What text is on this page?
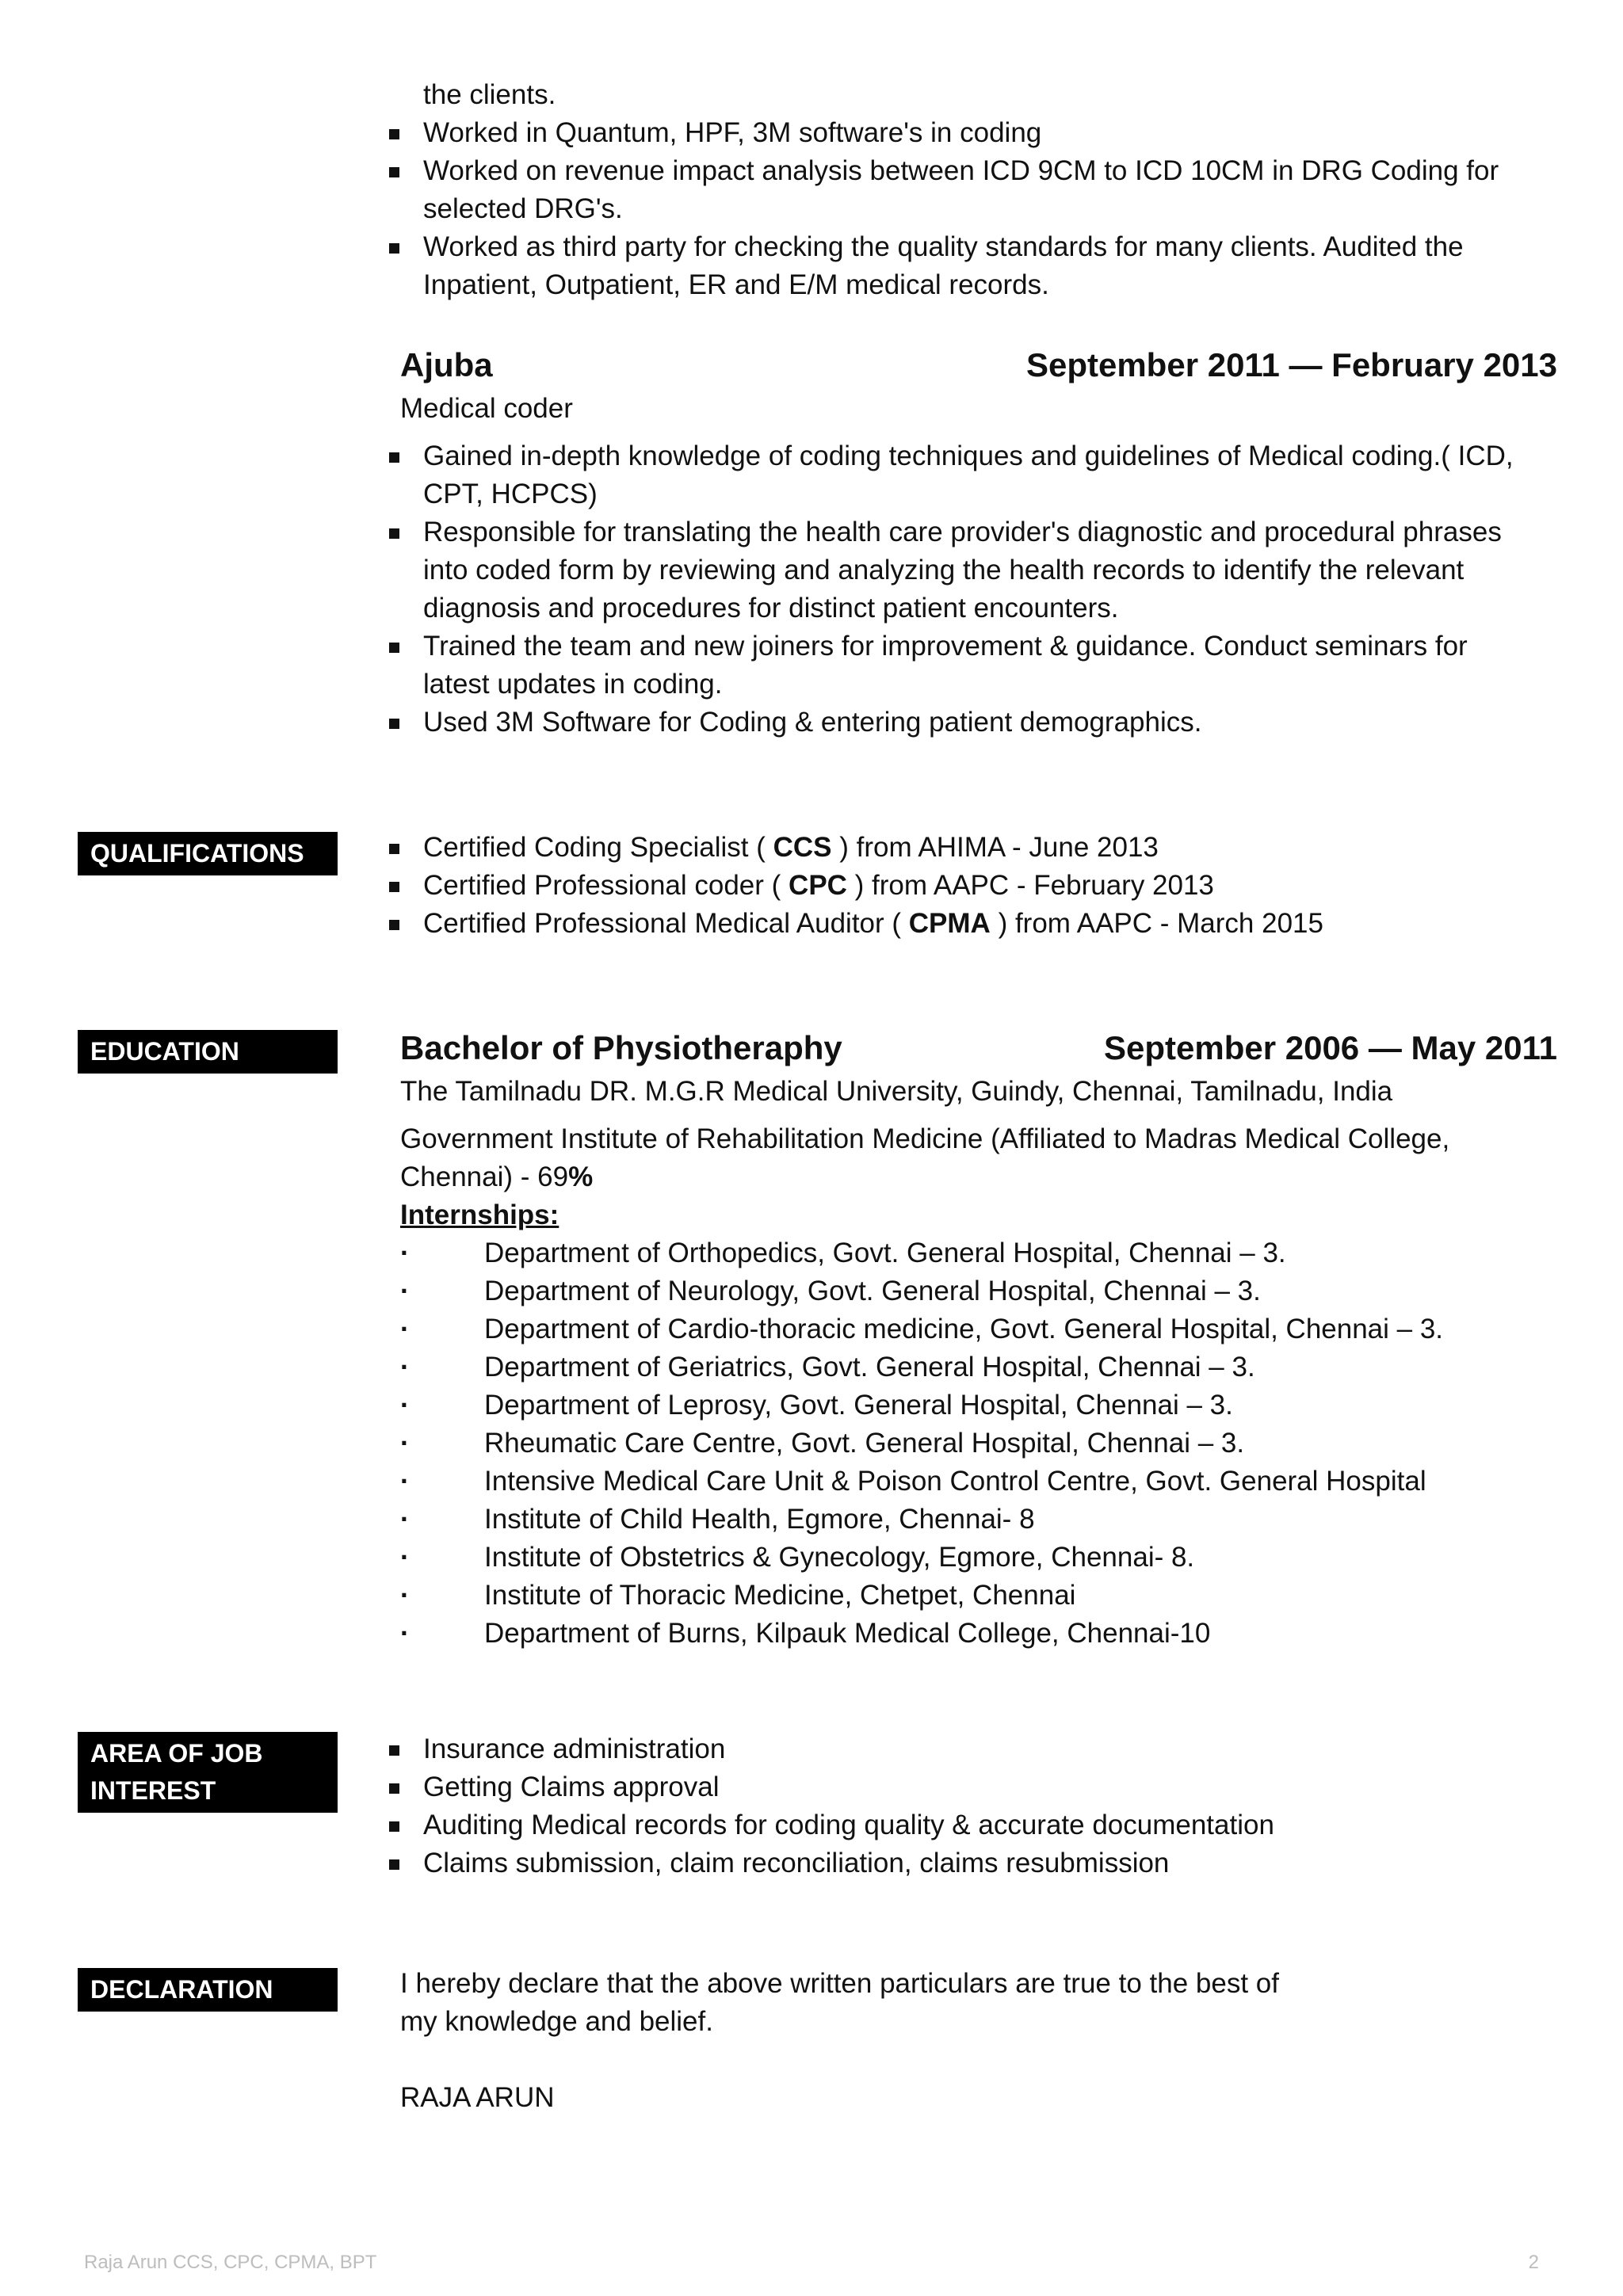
the clients.
Worked in Quantum, HPF, 3M software's in coding
Worked on revenue impact analysis between ICD 9CM to ICD 10CM in DRG Coding for selected DRG's.
Worked as third party for checking the quality standards for many clients. Audited the Inpatient, Outpatient, ER and E/M medical records.
Ajuba	September 2011 — February 2013
Medical coder
Gained in-depth knowledge of coding techniques and guidelines of Medical coding.( ICD, CPT, HCPCS)
Responsible for translating the health care provider's diagnostic and procedural phrases into coded form by reviewing and analyzing the health records to identify the relevant diagnosis and procedures for distinct patient encounters.
Trained the team and new joiners for improvement & guidance. Conduct seminars for latest updates in coding.
Used 3M Software for Coding & entering patient demographics.
QUALIFICATIONS	Certified Coding Specialist ( CCS ) from AHIMA - June 2013
Certified Professional coder ( CPC ) from AAPC - February 2013
Certified Professional Medical Auditor ( CPMA ) from AAPC - March 2015
EDUCATION	Bachelor of Physiotheraphy	September 2006 — May 2011
The Tamilnadu DR. M.G.R Medical University, Guindy, Chennai, Tamilnadu, India
Government Institute of Rehabilitation Medicine (Affiliated to Madras Medical College, Chennai) - 69%
Internships:
· Department of Orthopedics, Govt. General Hospital, Chennai – 3.
· Department of Neurology, Govt. General Hospital, Chennai – 3.
· Department of Cardio-thoracic medicine, Govt. General Hospital, Chennai – 3.
· Department of Geriatrics, Govt. General Hospital, Chennai – 3.
· Department of Leprosy, Govt. General Hospital, Chennai – 3.
· Rheumatic Care Centre, Govt. General Hospital, Chennai – 3.
· Intensive Medical Care Unit & Poison Control Centre, Govt. General Hospital
· Institute of Child Health, Egmore, Chennai- 8
· Institute of Obstetrics & Gynecology, Egmore, Chennai- 8.
· Institute of Thoracic Medicine, Chetpet, Chennai
· Department of Burns, Kilpauk Medical College, Chennai-10
AREA OF JOB
INTEREST
Insurance administration
Getting Claims approval
Auditing Medical records for coding quality & accurate documentation
Claims submission, claim reconciliation, claims resubmission
DECLARATION	I hereby declare that the above written particulars are true to the best of
my knowledge and belief.
RAJA ARUN
Raja Arun CCS, CPC, CPMA, BPT	2
